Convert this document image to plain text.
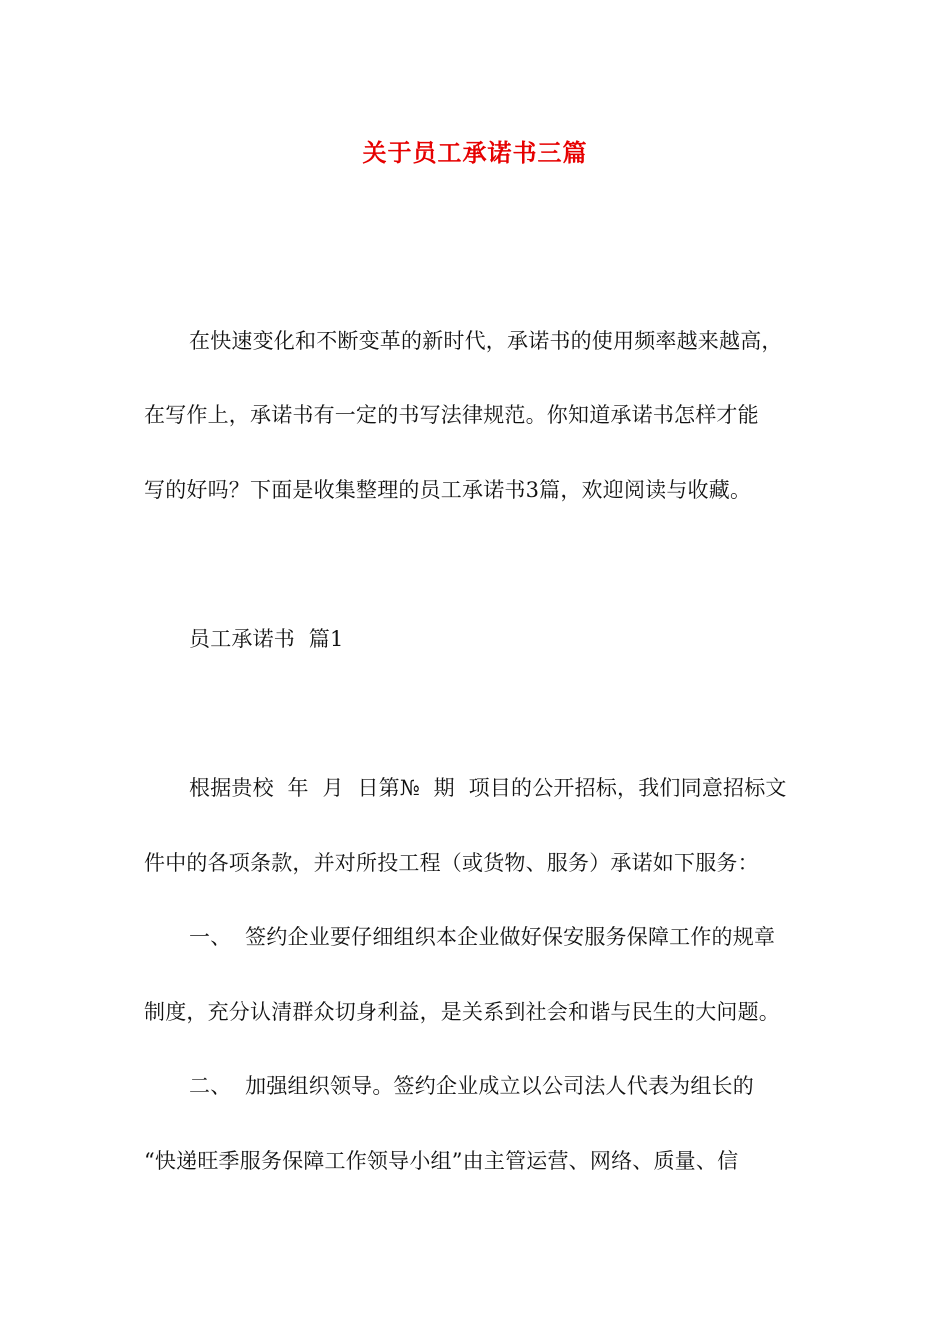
关于员工承诺书三篇
在快速变化和不断变革的新时代，承诺书的使用频率越来越高，
在写作上，承诺书有一定的书写法律规范。你知道承诺书怎样才能
写的好吗？下面是收集整理的员工承诺书3篇，欢迎阅读与收藏。
员工承诺书  篇1
根据贵校  年  月  日第№  期  项目的公开招标，我们同意招标文
件中的各项条款，并对所投工程（或货物、服务）承诺如下服务：
一、  签约企业要仔细组织本企业做好保安服务保障工作的规章
制度，充分认清群众切身利益，是关系到社会和谐与民生的大问题。
二、  加强组织领导。签约企业成立以公司法人代表为组长的
“快递旺季服务保障工作领导小组”由主管运营、网络、质量、信
